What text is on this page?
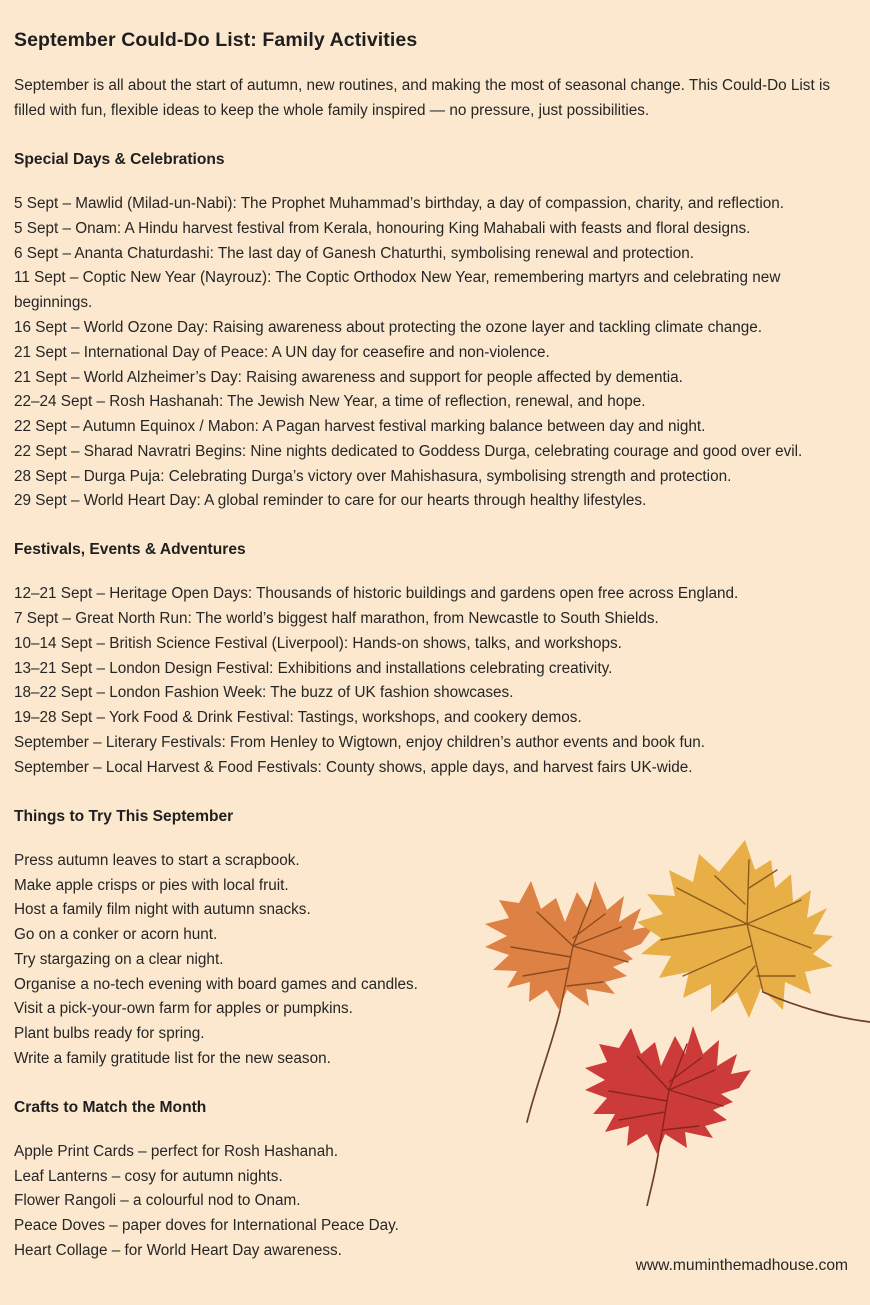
September Could-Do List: Family Activities

September is all about the start of autumn, new routines, and making the most of seasonal change. This Could-Do List is filled with fun, flexible ideas to keep the whole family inspired — no pressure, just possibilities.

Special Days & Celebrations
5 Sept – Mawlid (Milad-un-Nabi): The Prophet Muhammad’s birthday, a day of compassion, charity, and reflection.
5 Sept – Onam: A Hindu harvest festival from Kerala, honouring King Mahabali with feasts and floral designs.
6 Sept – Ananta Chaturdashi: The last day of Ganesh Chaturthi, symbolising renewal and protection.
11 Sept – Coptic New Year (Nayrouz): The Coptic Orthodox New Year, remembering martyrs and celebrating new beginnings.
16 Sept – World Ozone Day: Raising awareness about protecting the ozone layer and tackling climate change.
21 Sept – International Day of Peace: A UN day for ceasefire and non-violence.
21 Sept – World Alzheimer’s Day: Raising awareness and support for people affected by dementia.
22–24 Sept – Rosh Hashanah: The Jewish New Year, a time of reflection, renewal, and hope.
22 Sept – Autumn Equinox / Mabon: A Pagan harvest festival marking balance between day and night.
22 Sept – Sharad Navratri Begins: Nine nights dedicated to Goddess Durga, celebrating courage and good over evil.
28 Sept – Durga Puja: Celebrating Durga’s victory over Mahishasura, symbolising strength and protection.
29 Sept – World Heart Day: A global reminder to care for our hearts through healthy lifestyles.
Festivals, Events & Adventures
12–21 Sept – Heritage Open Days: Thousands of historic buildings and gardens open free across England.
7 Sept – Great North Run: The world’s biggest half marathon, from Newcastle to South Shields.
10–14 Sept – British Science Festival (Liverpool): Hands-on shows, talks, and workshops.
13–21 Sept – London Design Festival: Exhibitions and installations celebrating creativity.
18–22 Sept – London Fashion Week: The buzz of UK fashion showcases.
19–28 Sept – York Food & Drink Festival: Tastings, workshops, and cookery demos.
September – Literary Festivals: From Henley to Wigtown, enjoy children’s author events and book fun.
September – Local Harvest & Food Festivals: County shows, apple days, and harvest fairs UK-wide.
Things to Try This September
Press autumn leaves to start a scrapbook.
Make apple crisps or pies with local fruit.
Host a family film night with autumn snacks.
Go on a conker or acorn hunt.
Try stargazing on a clear night.
Organise a no-tech evening with board games and candles.
Visit a pick-your-own farm for apples or pumpkins.
Plant bulbs ready for spring.
Write a family gratitude list for the new season.
Crafts to Match the Month
Apple Print Cards – perfect for Rosh Hashanah.
Leaf Lanterns – cosy for autumn nights.
Flower Rangoli – a colourful nod to Onam.
Peace Doves – paper doves for International Peace Day.
Heart Collage – for World Heart Day awareness.
www.muminthemadhouse.com
